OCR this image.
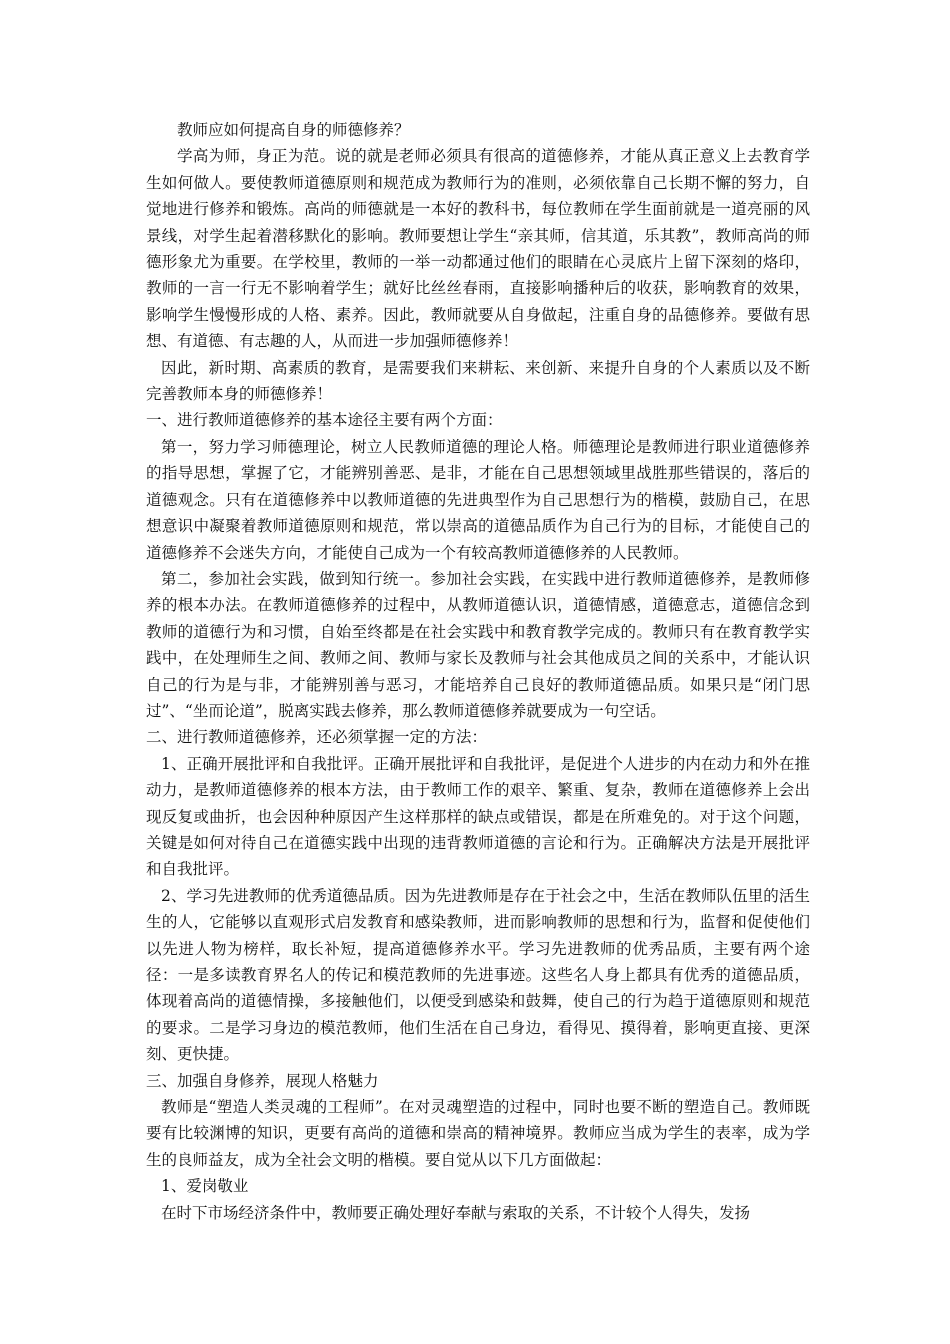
教师应如何提高自身的师德修养？

学高为师，身正为范。说的就是老师必须具有很高的道德修养，才能从真正意义上去教育学生如何做人。要使教师道德原则和规范成为教师行为的准则，必须依靠自己长期不懈的努力，自觉地进行修养和锻炼。高尚的师德就是一本好的教科书，每位教师在学生面前就是一道亮丽的风景线，对学生起着潜移默化的影响。教师要想让学生“亲其师，信其道，乐其教”，教师高尚的师德形象尤为重要。在学校里，教师的一举一动都通过他们的眼睛在心灵底片上留下深刻的烙印，教师的一言一行无不影响着学生；就好比丝丝春雨，直接影响播种后的收获，影响教育的效果，影响学生慢慢形成的人格、素养。因此，教师就要从自身做起，注重自身的品德修养。要做有思想、有道德、有志趣的人，从而进一步加强师德修养！

因此，新时期、高素质的教育，是需要我们来耕耘、来创新、来提升自身的个人素质以及不断完善教师本身的师德修养！

一、进行教师道德修养的基本途径主要有两个方面：

第一，努力学习师德理论，树立人民教师道德的理论人格。师德理论是教师进行职业道德修养的指导思想，掌握了它，才能辨别善恶、是非，才能在自己思想领域里战胜那些错误的，落后的道德观念。只有在道德修养中以教师道德的先进典型作为自己思想行为的楷模，鼓励自己，在思想意识中凝聚着教师道德原则和规范，常以崇高的道德品质作为自己行为的目标，才能使自己的道德修养不会迷失方向，才能使自己成为一个有较高教师道德修养的人民教师。

第二，参加社会实践，做到知行统一。参加社会实践，在实践中进行教师道德修养，是教师修养的根本办法。在教师道德修养的过程中，从教师道德认识，道德情感，道德意志，道德信念到教师的道德行为和习惯，自始至终都是在社会实践中和教育教学完成的。教师只有在教育教学实践中，在处理师生之间、教师之间、教师与家长及教师与社会其他成员之间的关系中，才能认识自己的行为是与非，才能辨别善与恶习，才能培养自己良好的教师道德品质。如果只是“闭门思过”、“坐而论道”，脱离实践去修养，那么教师道德修养就要成为一句空话。

二、进行教师道德修养，还必须掌握一定的方法：

1、正确开展批评和自我批评。正确开展批评和自我批评，是促进个人进步的内在动力和外在推动力，是教师道德修养的根本方法，由于教师工作的艰辛、繁重、复杂，教师在道德修养上会出现反复或曲折，也会因种种原因产生这样那样的缺点或错误，都是在所难免的。对于这个问题，关键是如何对待自己在道德实践中出现的违背教师道德的言论和行为。正确解决方法是开展批评和自我批评。

2、学习先进教师的优秀道德品质。因为先进教师是存在于社会之中，生活在教师队伍里的活生生的人，它能够以直观形式启发教育和感染教师，进而影响教师的思想和行为，监督和促使他们以先进人物为榜样，取长补短，提高道德修养水平。学习先进教师的优秀品质，主要有两个途径：一是多读教育界名人的传记和模范教师的先进事迹。这些名人身上都具有优秀的道德品质，体现着高尚的道德情操，多接触他们，以便受到感染和鼓舞，使自己的行为趋于道德原则和规范的要求。二是学习身边的模范教师，他们生活在自己身边，看得见、摸得着，影响更直接、更深刻、更快捷。

三、加强自身修养，展现人格魅力

教师是“塑造人类灵魂的工程师”。在对灵魂塑造的过程中，同时也要不断的塑造自己。教师既要有比较渊博的知识，更要有高尚的道德和崇高的精神境界。教师应当成为学生的表率，成为学生的良师益友，成为全社会文明的楷模。要自觉从以下几方面做起：

1、爱岗敬业

在时下市场经济条件中，教师要正确处理好奉献与索取的关系，不计较个人得失，发扬
